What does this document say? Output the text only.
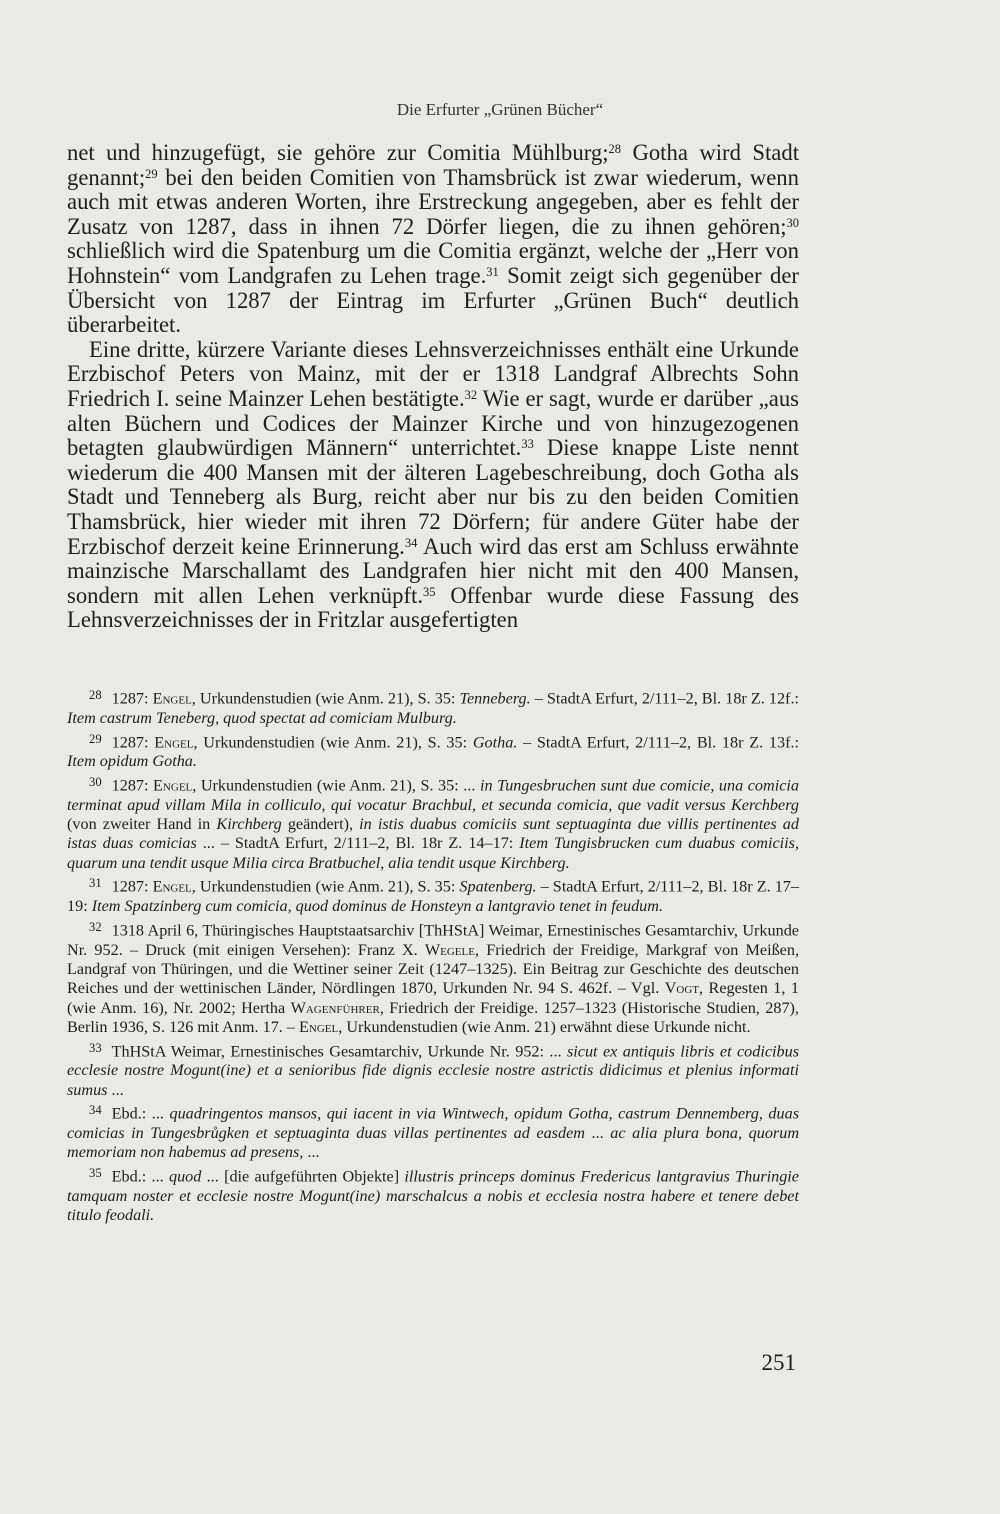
Die Erfurter „Grünen Bücher“

net und hinzugefügt, sie gehöre zur Comitia Mühlburg;$^{28}$ Gotha wird Stadt genannt;$^{29}$ bei den beiden Comitien von Thamsbrück ist zwar wiederum, wenn auch mit etwas anderen Worten, ihre Erstreckung angegeben, aber es fehlt der Zusatz von 1287, dass in ihnen 72 Dörfer liegen, die zu ihnen gehören;$^{30}$ schließlich wird die Spatenburg um die Comitia ergänzt, welche der „Herr von Hohnstein“ vom Landgrafen zu Lehen trage.$^{31}$ Somit zeigt sich gegenüber der Übersicht von 1287 der Eintrag im Erfurter „Grünen Buch“ deutlich überarbeitet.

Eine dritte, kürzere Variante dieses Lehnsverzeichnisses enthält eine Urkunde Erzbischof Peters von Mainz, mit der er 1318 Landgraf Albrechts Sohn Friedrich I. seine Mainzer Lehen bestätigte.$^{32}$ Wie er sagt, wurde er darüber „aus alten Büchern und Codices der Mainzer Kirche und von hinzugezogenen betagten glaubwürdigen Männern“ unterrichtet.$^{33}$ Diese knappe Liste nennt wiederum die 400 Mansen mit der älteren Lagebeschreibung, doch Gotha als Stadt und Tenneberg als Burg, reicht aber nur bis zu den beiden Comitien Thamsbrück, hier wieder mit ihren 72 Dörfern; für andere Güter habe der Erzbischof derzeit keine Erinnerung.$^{34}$ Auch wird das erst am Schluss erwähnte mainzische Marschallamt des Landgrafen hier nicht mit den 400 Mansen, sondern mit allen Lehen verknüpft.$^{35}$ Offenbar wurde diese Fassung des Lehnsverzeichnisses der in Fritzlar ausgefertigten

$^{28}$ 1287: Engel, Urkundenstudien (wie Anm. 21), S. 35: Tenneberg. – StadtA Erfurt, 2/111–2, Bl. 18r Z. 12f.: Item castrum Teneberg, quod spectat ad comiciam Mulburg.
$^{29}$ 1287: Engel, Urkundenstudien (wie Anm. 21), S. 35: Gotha. – StadtA Erfurt, 2/111–2, Bl. 18r Z. 13f.: Item opidum Gotha.
$^{30}$ 1287: Engel, Urkundenstudien (wie Anm. 21), S. 35: ... in Tungesbruchen sunt due comicie, una comicia terminat apud villam Mila in colliculo, qui vocatur Brachbul, et secunda comicia, que vadit versus Kerchberg (von zweiter Hand in Kirchberg geändert), in istis duabus comiciis sunt septuaginta due villis pertinentes ad istas duas comicias ... – StadtA Erfurt, 2/111–2, Bl. 18r Z. 14–17: Item Tungisbrucken cum duabus comiciis, quarum una tendit usque Milia circa Bratbuchel, alia tendit usque Kirchberg.
$^{31}$ 1287: Engel, Urkundenstudien (wie Anm. 21), S. 35: Spatenberg. – StadtA Erfurt, 2/111–2, Bl. 18r Z. 17–19: Item Spatzinberg cum comicia, quod dominus de Honsteyn a lantgravio tenet in feudum.
$^{32}$ 1318 April 6, Thüringisches Hauptstaatsarchiv [ThHStA] Weimar, Ernestinisches Gesamtarchiv, Urkunde Nr. 952. – Druck (mit einigen Versehen): Franz X. Wegele, Friedrich der Freidige, Markgraf von Meißen, Landgraf von Thüringen, und die Wettiner seiner Zeit (1247–1325). Ein Beitrag zur Geschichte des deutschen Reiches und der wettinischen Länder, Nördlingen 1870, Urkunden Nr. 94 S. 462f. – Vgl. Vogt, Regesten 1, 1 (wie Anm. 16), Nr. 2002; Hertha Wagenführer, Friedrich der Freidige. 1257–1323 (Historische Studien, 287), Berlin 1936, S. 126 mit Anm. 17. – Engel, Urkundenstudien (wie Anm. 21) erwähnt diese Urkunde nicht.
$^{33}$ ThHStA Weimar, Ernestinisches Gesamtarchiv, Urkunde Nr. 952: ... sicut ex antiquis libris et codicibus ecclesie nostre Mogunt(ine) et a senioribus fide dignis ecclesie nostre astrictis didicimus et plenius informati sumus ...
$^{34}$ Ebd.: ... quadringentos mansos, qui iacent in via Wintwech, opidum Gotha, castrum Dennemberg, duas comicias in Tungesbrůgken et septuaginta duas villas pertinentes ad easdem ... ac alia plura bona, quorum memoriam non habemus ad presens, ...
$^{35}$ Ebd.: ... quod ... [die aufgeführten Objekte] illustris princeps dominus Fredericus lantgravius Thuringie tamquam noster et ecclesie nostre Mogunt(ine) marschalcus a nobis et ecclesia nostra habere et tenere debet titulo feodali.
251
